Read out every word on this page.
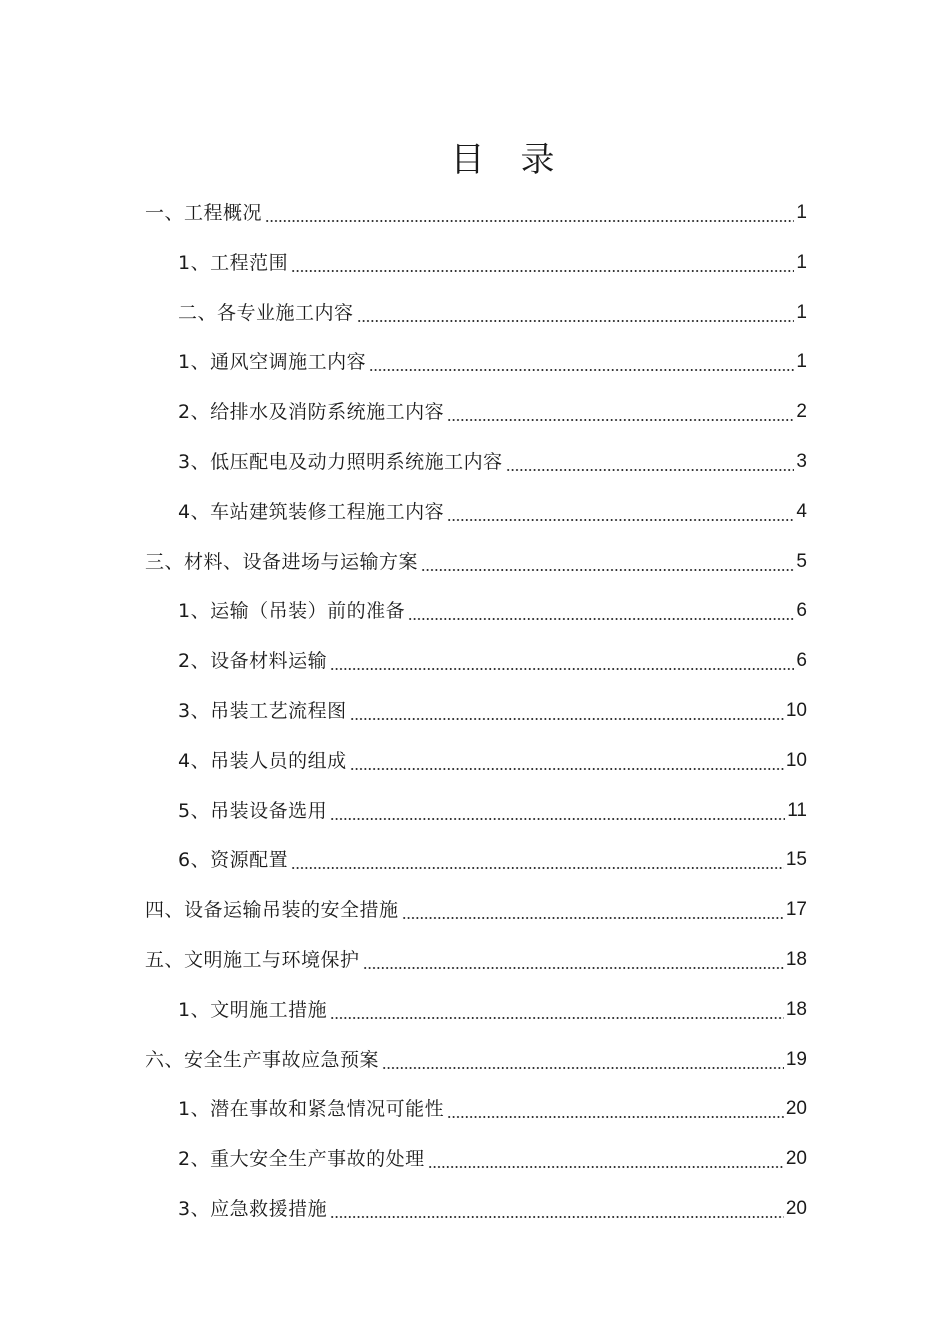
目 录
一、工程概况	1
1、工程范围	1
二、各专业施工内容	1
1、通风空调施工内容	1
2、给排水及消防系统施工内容	2
3、低压配电及动力照明系统施工内容	3
4、车站建筑装修工程施工内容	4
三、材料、设备进场与运输方案	5
1、运输（吊装）前的准备	6
2、设备材料运输	6
3、吊装工艺流程图	10
4、吊装人员的组成	10
5、吊装设备选用	11
6、资源配置	15
四、设备运输吊装的安全措施	17
五、文明施工与环境保护	18
1、文明施工措施	18
六、安全生产事故应急预案	19
1、潜在事故和紧急情况可能性	20
2、重大安全生产事故的处理	20
3、应急救援措施	20
